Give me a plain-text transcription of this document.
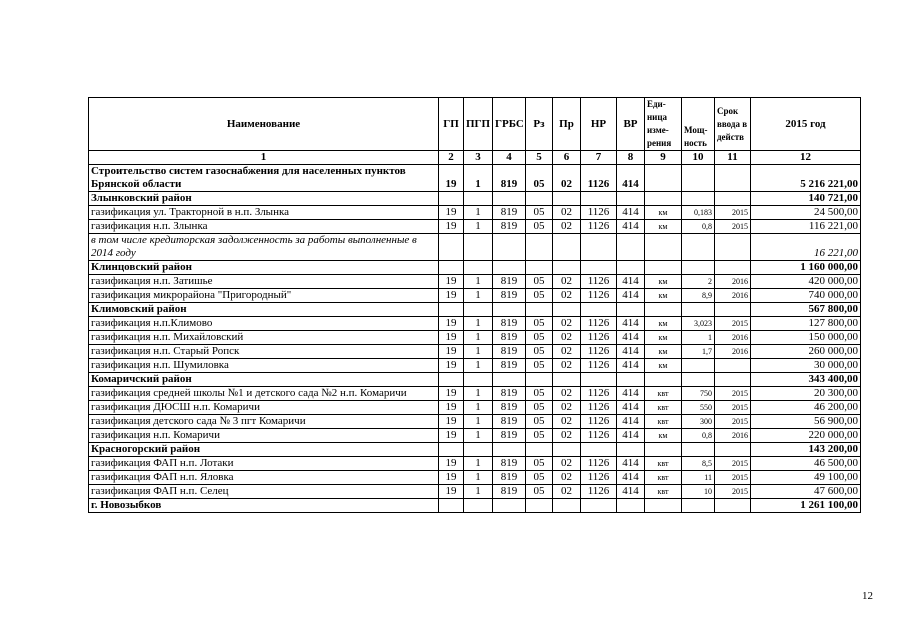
Наименование	ГП	ПГП	ГРБС	Рз	Пр	НР	ВР	Еди-ница изме-рения	Мощ-ность	Срок ввода в действ	2015 год
1	2	3	4	5	6	7	8	9	10	11	12
Строительство систем газоснабжения для населенных пунктов Брянской области	19	1	819	05	02	1126	414				5 216 221,00
Злынковский район											140 721,00
газификация ул. Тракторной в н.п. Злынка	19	1	819	05	02	1126	414	км	0,183	2015	24 500,00
газификация н.п. Злынка	19	1	819	05	02	1126	414	км	0,8	2015	116 221,00
в том числе кредиторская задолженность за работы выполненные в 2014 году											16 221,00
Клинцовский район											1 160 000,00
газификация н.п. Затишье	19	1	819	05	02	1126	414	км	2	2016	420 000,00
газификация микрорайона "Пригородный"	19	1	819	05	02	1126	414	км	8,9	2016	740 000,00
Климовский район											567 800,00
газификация н.п.Климово	19	1	819	05	02	1126	414	км	3,023	2015	127 800,00
газификация н.п. Михайловский	19	1	819	05	02	1126	414	км	1	2016	150 000,00
газификация н.п. Старый Ропск	19	1	819	05	02	1126	414	км	1,7	2016	260 000,00
газификация н.п. Шумиловка	19	1	819	05	02	1126	414	км			30 000,00
Комаричский район											343 400,00
газификация средней школы №1 и детского сада №2 н.п. Комаричи	19	1	819	05	02	1126	414	квт	750	2015	20 300,00
газификация ДЮСШ н.п. Комаричи	19	1	819	05	02	1126	414	квт	550	2015	46 200,00
газификация детского сада № 3 пгт Комаричи	19	1	819	05	02	1126	414	квт	300	2015	56 900,00
газификация н.п. Комаричи	19	1	819	05	02	1126	414	км	0,8	2016	220 000,00
Красногорский район											143 200,00
газификация ФАП н.п. Лотаки	19	1	819	05	02	1126	414	квт	8,5	2015	46 500,00
газификация ФАП н.п. Яловка	19	1	819	05	02	1126	414	квт	11	2015	49 100,00
газификация ФАП н.п. Селец	19	1	819	05	02	1126	414	квт	10	2015	47 600,00
г. Новозыбков											1 261 100,00
12
